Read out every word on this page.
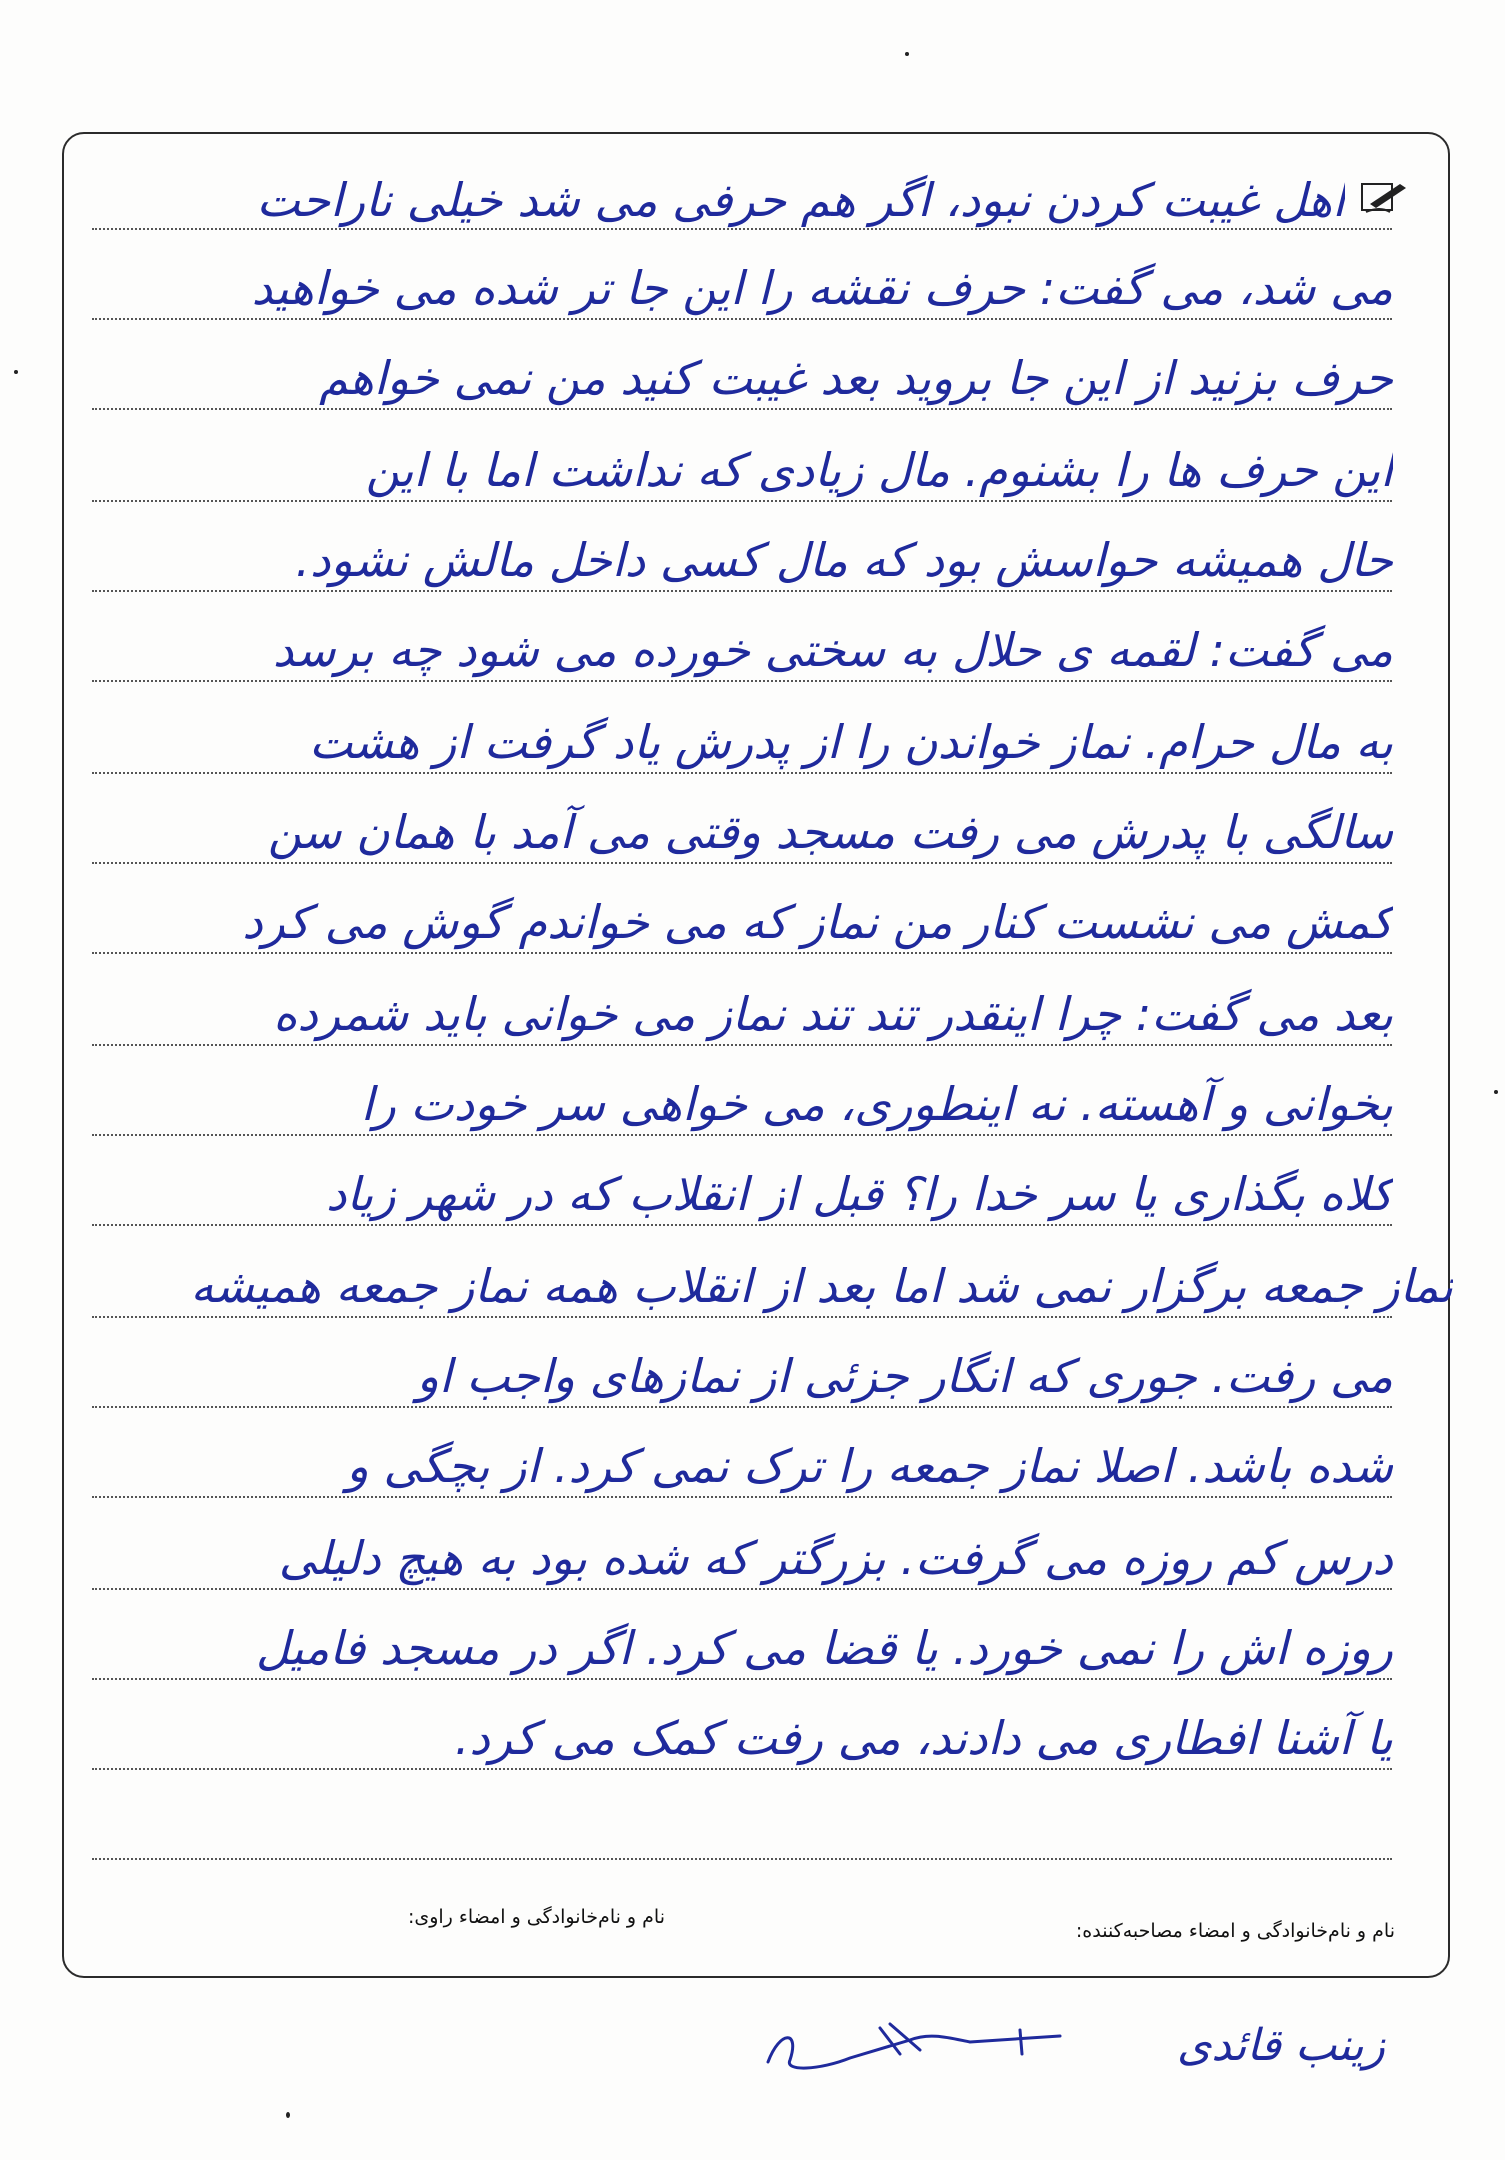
اهل غیبت کردن نبود، اگر هم حرفی می شد خیلی ناراحت
می شد، می گفت: حرف نقشه را این جا تر شده می خواهید
حرف بزنید از این جا بروید بعد غیبت کنید من نمی خواهم
این حرف ها را بشنوم. مال زیادی که نداشت اما با این
حال همیشه حواسش بود که مال کسی داخل مالش نشود.
می گفت: لقمه ی حلال به سختی خورده می شود چه برسد
به مال حرام. نماز خواندن را از پدرش یاد گرفت از هشت
سالگی با پدرش می رفت مسجد وقتی می آمد با همان سن
کمش می نشست کنار من نماز که می خواندم گوش می کرد
بعد می گفت: چرا اینقدر تند تند نماز می خوانی باید شمرده
بخوانی و آهسته. نه اینطوری، می خواهی سر خودت را
کلاه بگذاری یا سر خدا را؟ قبل از انقلاب که در شهر زیاد
نماز جمعه برگزار نمی شد اما بعد از انقلاب همه نماز جمعه همیشه
می رفت. جوری که انگار جزئی از نمازهای واجب او
شده باشد. اصلا نماز جمعه را ترک نمی کرد. از بچگی و
درس کم روزه می گرفت. بزرگتر که شده بود به هیچ دلیلی
روزه اش را نمی خورد. یا قضا می کرد. اگر در مسجد فامیل
یا آشنا افطاری می دادند، می رفت کمک می کرد.
نام و نام‌خانوادگی و امضاء مصاحبه‌کننده:
نام و نام‌خانوادگی و امضاء راوی:
زینب قائدی
